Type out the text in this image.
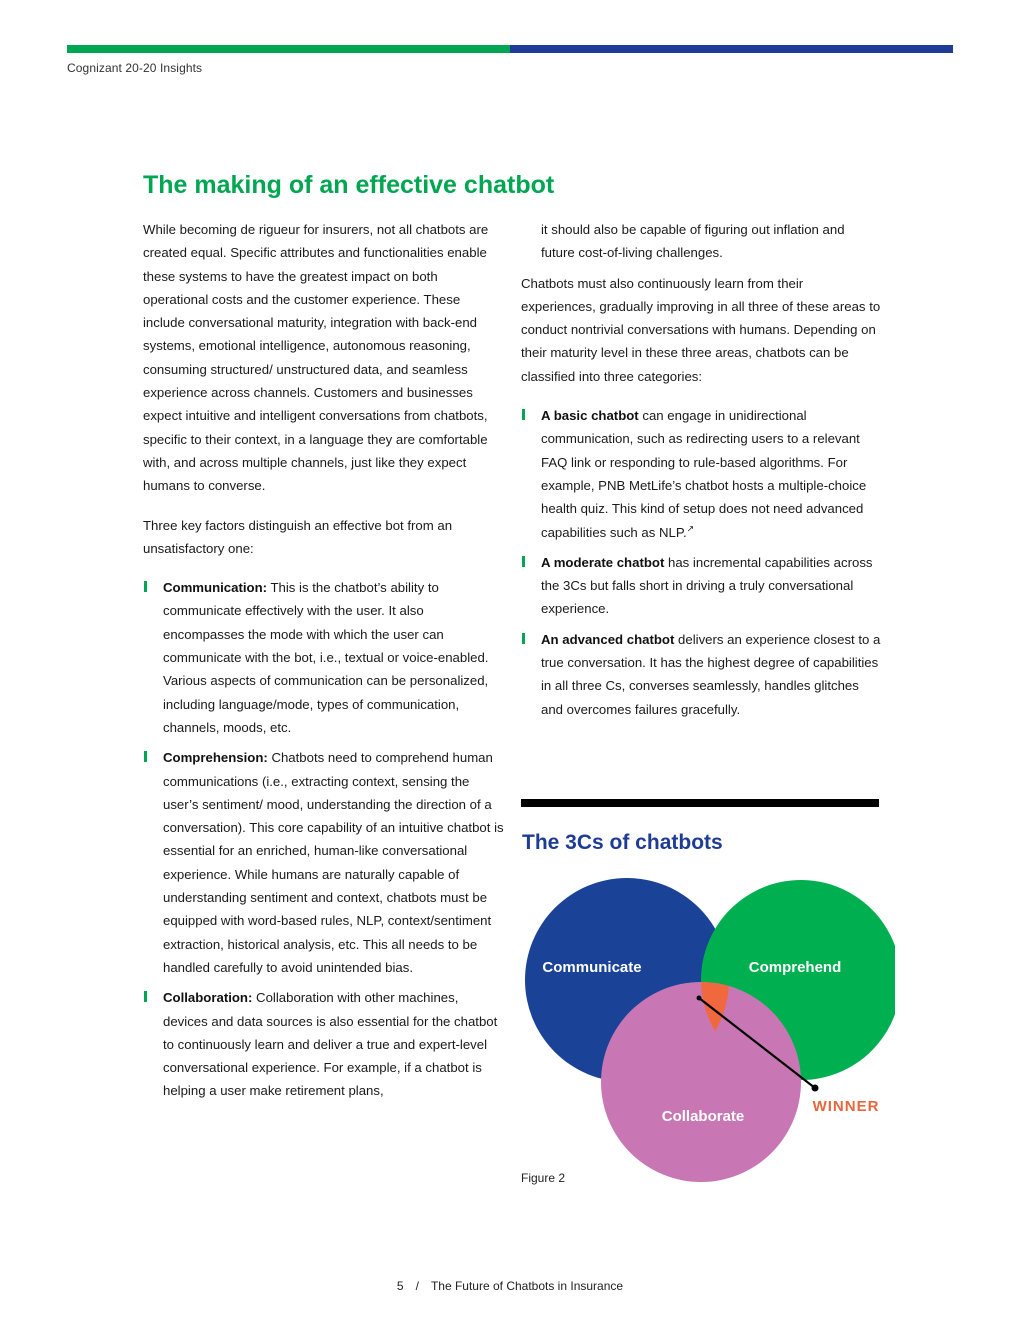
Cognizant 20-20 Insights
The making of an effective chatbot

While becoming de rigueur for insurers, not all chatbots are created equal. Specific attributes and functionalities enable these systems to have the greatest impact on both operational costs and the customer experience. These include conversational maturity, integration with back-end systems, emotional intelligence, autonomous reasoning, consuming structured/ unstructured data, and seamless experience across channels. Customers and businesses expect intuitive and intelligent conversations from chatbots, specific to their context, in a language they are comfortable with, and across multiple channels, just like they expect humans to converse.

Three key factors distinguish an effective bot from an unsatisfactory one:

Communication: This is the chatbot’s ability to communicate effectively with the user. It also encompasses the mode with which the user can communicate with the bot, i.e., textual or voice-enabled. Various aspects of communication can be personalized, including language/mode, types of communication, channels, moods, etc.
Comprehension: Chatbots need to comprehend human communications (i.e., extracting context, sensing the user’s sentiment/ mood, understanding the direction of a conversation). This core capability of an intuitive chatbot is essential for an enriched, human-like conversational experience. While humans are naturally capable of understanding sentiment and context, chatbots must be equipped with word-based rules, NLP, context/sentiment extraction, historical analysis, etc. This all needs to be handled carefully to avoid unintended bias.
Collaboration: Collaboration with other machines, devices and data sources is also essential for the chatbot to continuously learn and deliver a true and expert-level conversational experience. For example, if a chatbot is helping a user make retirement plans,

it should also be capable of figuring out inflation and future cost-of-living challenges.

Chatbots must also continuously learn from their experiences, gradually improving in all three of these areas to conduct nontrivial conversations with humans. Depending on their maturity level in these three areas, chatbots can be classified into three categories:

A basic chatbot can engage in unidirectional communication, such as redirecting users to a relevant FAQ link or responding to rule-based algorithms. For example, PNB MetLife’s chatbot hosts a multiple-choice health quiz. This kind of setup does not need advanced capabilities such as NLP.↗
A moderate chatbot has incremental capabilities across the 3Cs but falls short in driving a truly conversational experience.
An advanced chatbot delivers an experience closest to a true conversation. It has the highest degree of capabilities in all three Cs, converses seamlessly, handles glitches and overcomes failures gracefully.
The 3Cs of chatbots
Communicate	Comprehend
Collaborate
WINNER
Figure 2
5 / The Future of Chatbots in Insurance
